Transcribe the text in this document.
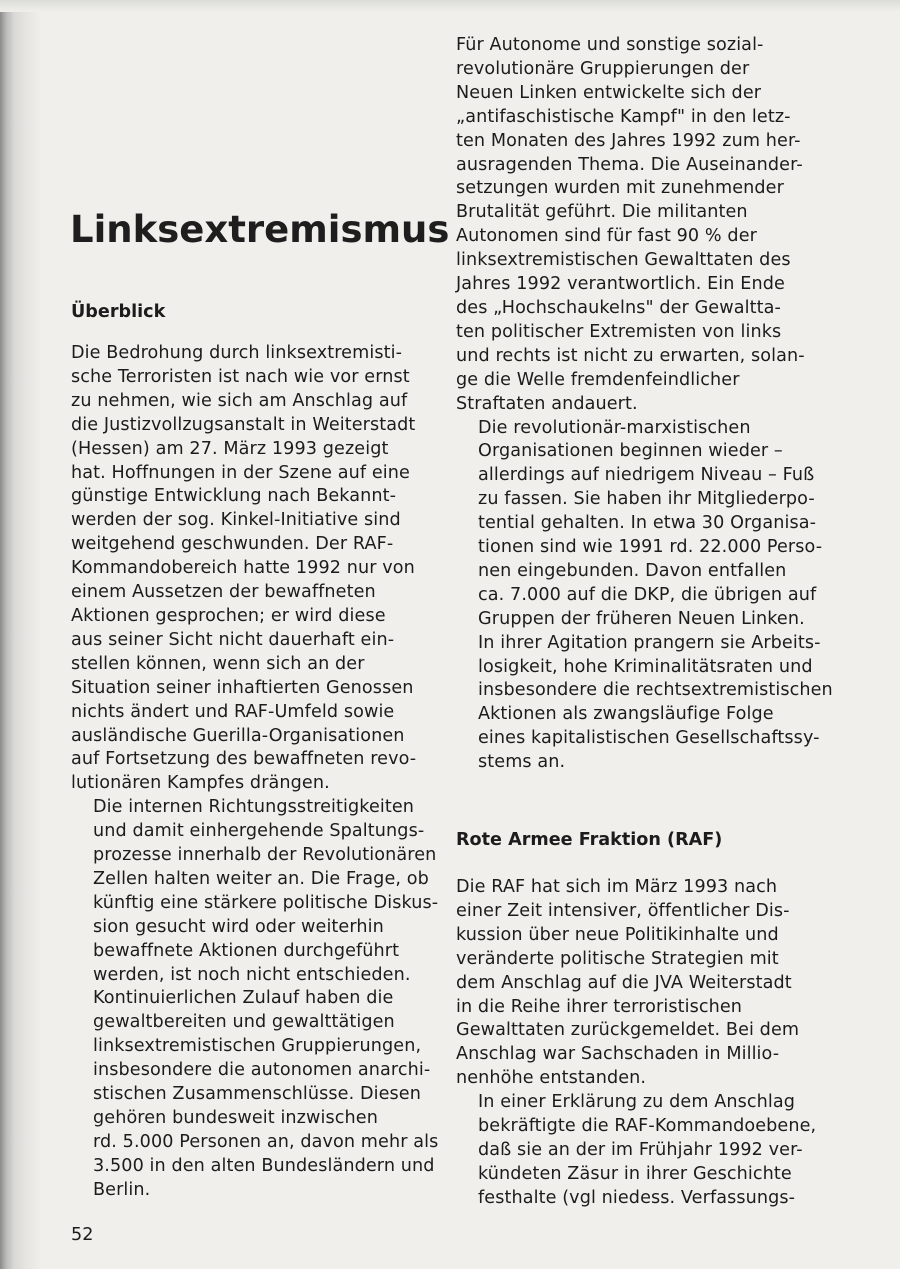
Linksextremismus
Überblick

Die Bedrohung durch linksextremisti-
sche Terroristen ist nach wie vor ernst
zu nehmen, wie sich am Anschlag auf
die Justizvollzugsanstalt in Weiterstadt
(Hessen) am 27. März 1993 gezeigt
hat. Hoffnungen in der Szene auf eine
günstige Entwicklung nach Bekannt-
werden der sog. Kinkel-Initiative sind
weitgehend geschwunden. Der RAF-
Kommandobereich hatte 1992 nur von
einem Aussetzen der bewaffneten
Aktionen gesprochen; er wird diese
aus seiner Sicht nicht dauerhaft ein-
stellen können, wenn sich an der
Situation seiner inhaftierten Genossen
nichts ändert und RAF-Umfeld sowie
ausländische Guerilla-Organisationen
auf Fortsetzung des bewaffneten revo-
lutionären Kampfes drängen.

Die internen Richtungsstreitigkeiten
und damit einhergehende Spaltungs-
prozesse innerhalb der Revolutionären
Zellen halten weiter an. Die Frage, ob
künftig eine stärkere politische Diskus-
sion gesucht wird oder weiterhin
bewaffnete Aktionen durchgeführt
werden, ist noch nicht entschieden.

Kontinuierlichen Zulauf haben die
gewaltbereiten und gewalttätigen
linksextremistischen Gruppierungen,
insbesondere die autonomen anarchi-
stischen Zusammenschlüsse. Diesen
gehören bundesweit inzwischen
rd. 5.000 Personen an, davon mehr als
3.500 in den alten Bundesländern und
Berlin.

Für Autonome und sonstige sozial-
revolutionäre Gruppierungen der
Neuen Linken entwickelte sich der
„antifaschistische Kampf" in den letz-
ten Monaten des Jahres 1992 zum her-
ausragenden Thema. Die Auseinander-
setzungen wurden mit zunehmender
Brutalität geführt. Die militanten
Autonomen sind für fast 90 % der
linksextremistischen Gewalttaten des
Jahres 1992 verantwortlich. Ein Ende
des „Hochschaukelns" der Gewaltta-
ten politischer Extremisten von links
und rechts ist nicht zu erwarten, solan-
ge die Welle fremdenfeindlicher
Straftaten andauert.

Die revolutionär-marxistischen
Organisationen beginnen wieder –
allerdings auf niedrigem Niveau – Fuß
zu fassen. Sie haben ihr Mitgliederpo-
tential gehalten. In etwa 30 Organisa-
tionen sind wie 1991 rd. 22.000 Perso-
nen eingebunden. Davon entfallen
ca. 7.000 auf die DKP, die übrigen auf
Gruppen der früheren Neuen Linken.
In ihrer Agitation prangern sie Arbeits-
losigkeit, hohe Kriminalitätsraten und
insbesondere die rechtsextremistischen
Aktionen als zwangsläufige Folge
eines kapitalistischen Gesellschaftssy-
stems an.

Rote Armee Fraktion (RAF)

Die RAF hat sich im März 1993 nach
einer Zeit intensiver, öffentlicher Dis-
kussion über neue Politikinhalte und
veränderte politische Strategien mit
dem Anschlag auf die JVA Weiterstadt
in die Reihe ihrer terroristischen
Gewalttaten zurückgemeldet. Bei dem
Anschlag war Sachschaden in Millio-
nenhöhe entstanden.

In einer Erklärung zu dem Anschlag
bekräftigte die RAF-Kommandoebene,
daß sie an der im Frühjahr 1992 ver-
kündeten Zäsur in ihrer Geschichte
festhalte (vgl niedess. Verfassungs-

52
